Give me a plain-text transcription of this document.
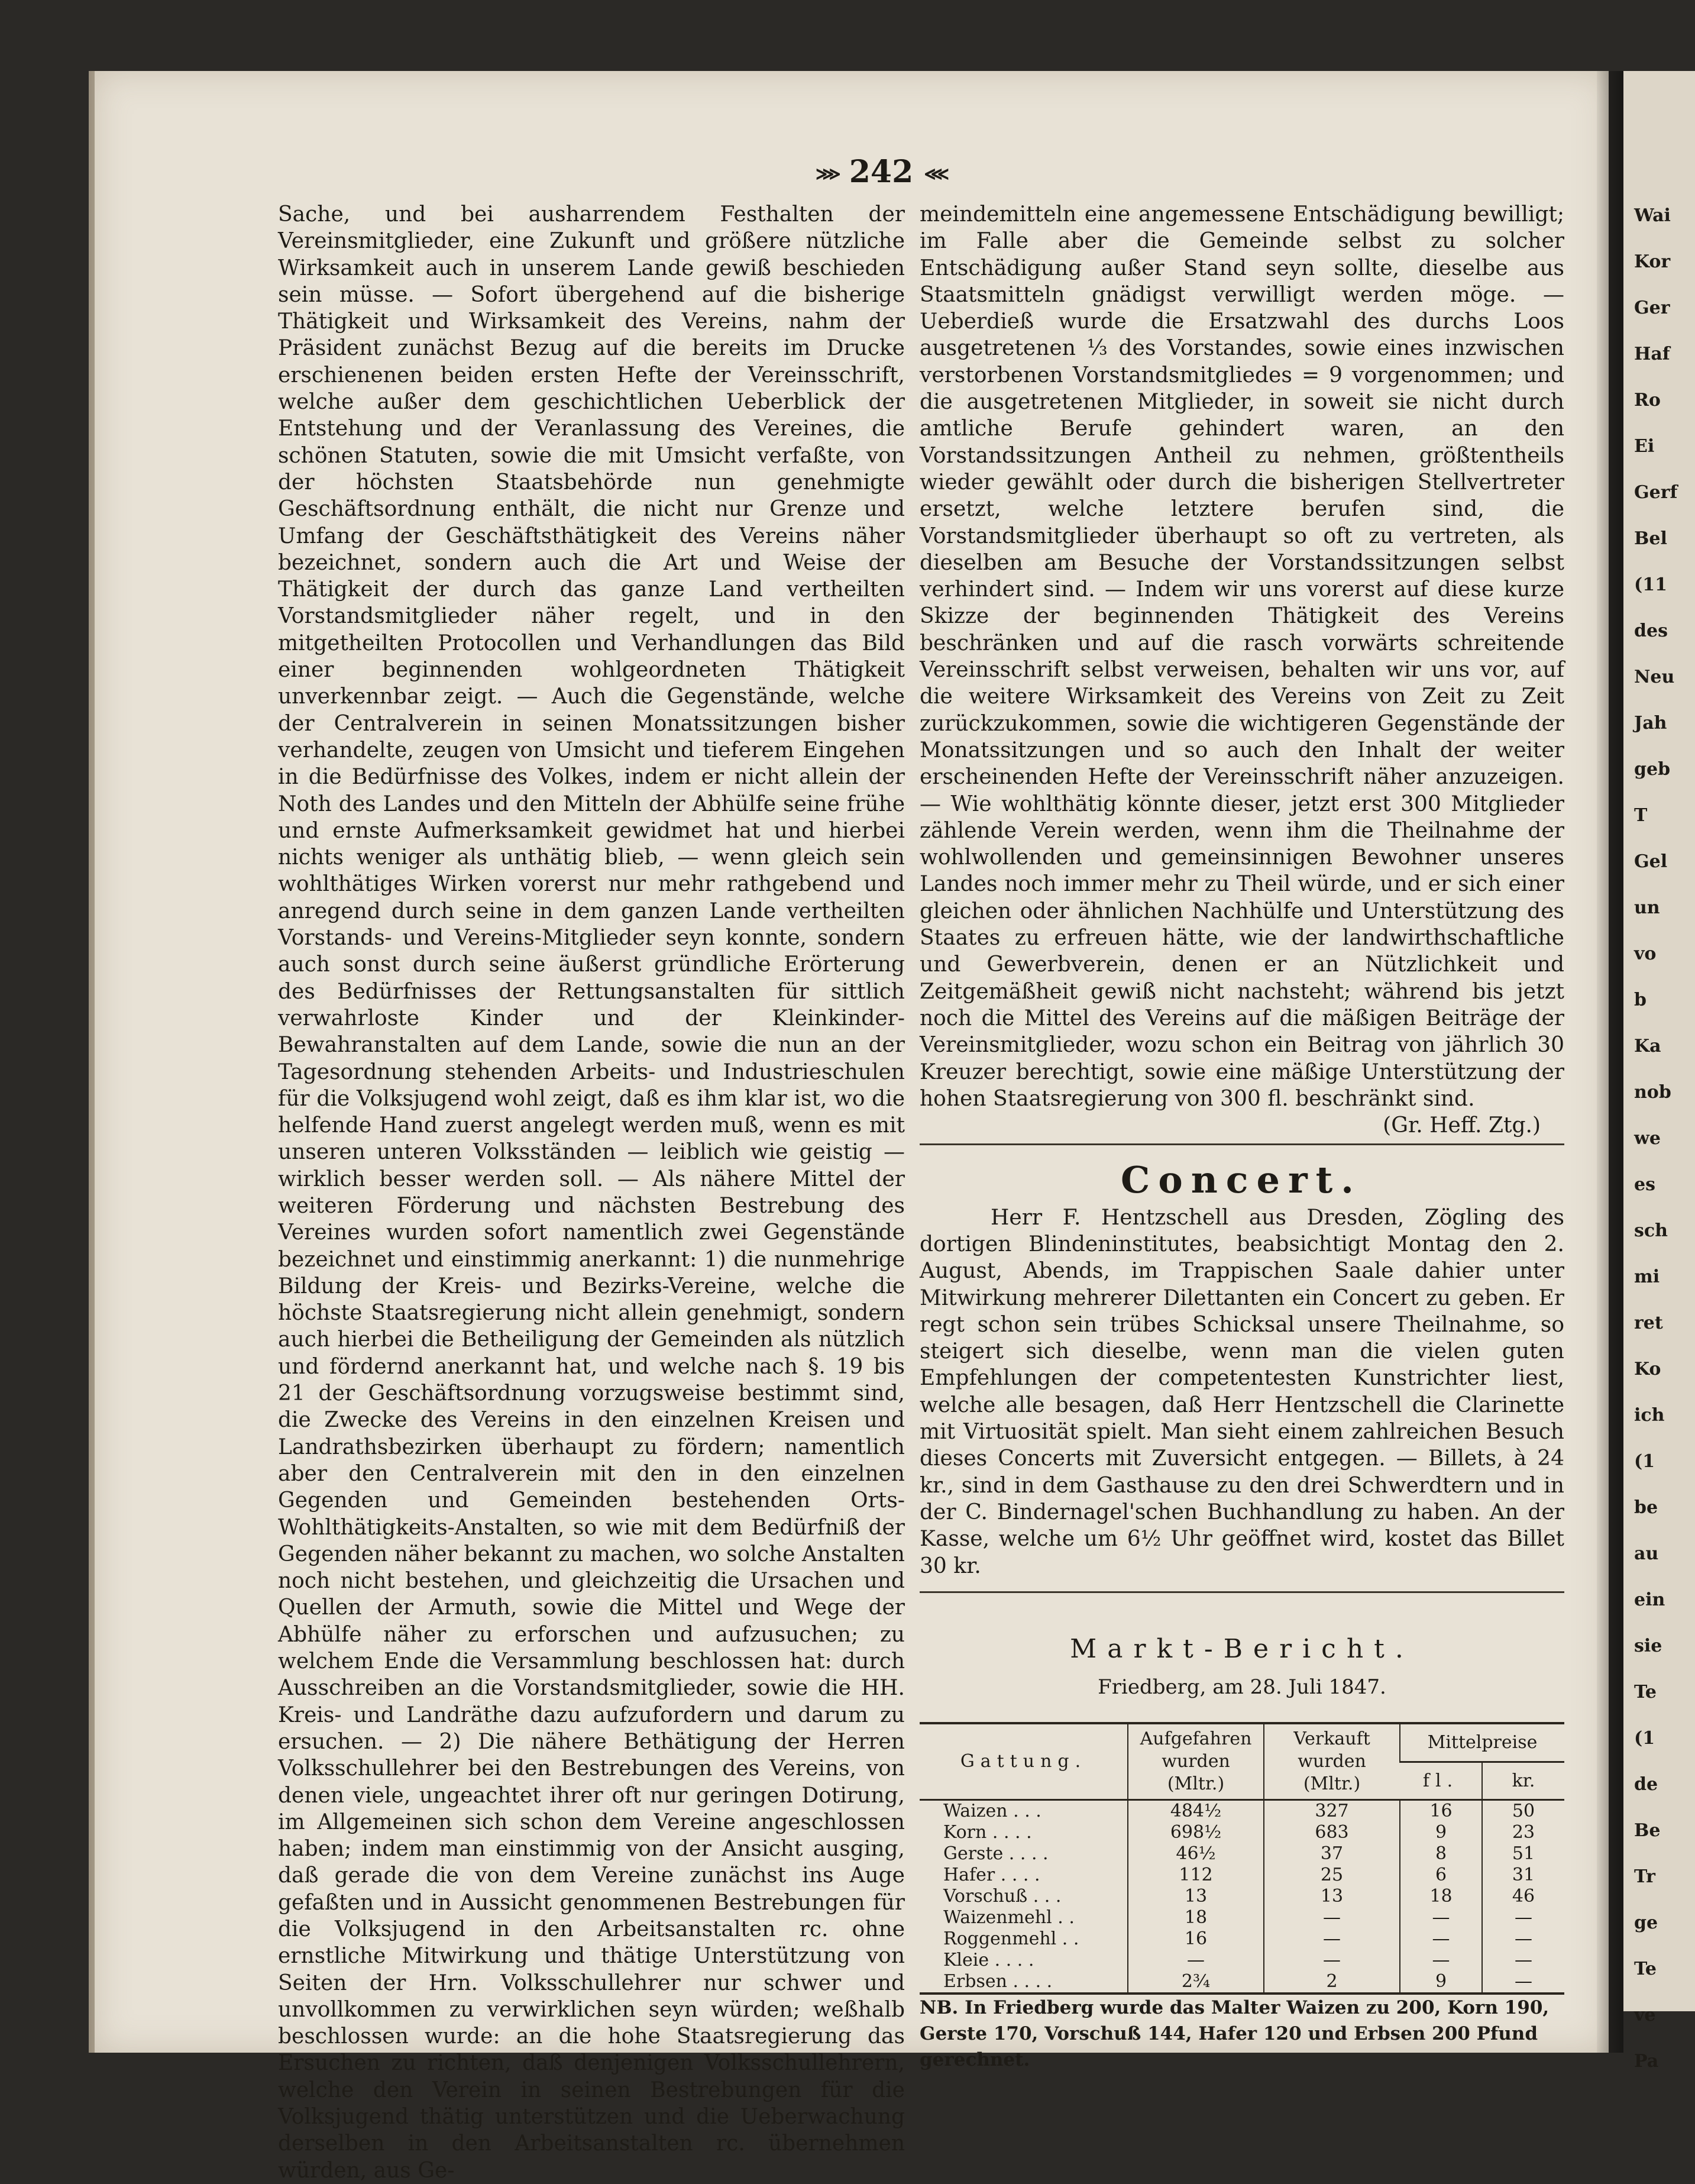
⋙ 242 ⋘

Sache, und bei ausharrendem Festhalten der Vereinsmitglieder, eine Zukunft und größere nützliche Wirksamkeit auch in unserem Lande gewiß beschieden sein müsse. — Sofort übergehend auf die bisherige Thätigkeit und Wirksamkeit des Vereins, nahm der Präsident zunächst Bezug auf die bereits im Drucke erschienenen beiden ersten Hefte der Vereinsschrift, welche außer dem geschichtlichen Ueberblick der Entstehung und der Veranlassung des Vereines, die schönen Statuten, sowie die mit Umsicht verfaßte, von der höchsten Staatsbehörde nun genehmigte Geschäftsordnung enthält, die nicht nur Grenze und Umfang der Geschäftsthätigkeit des Vereins näher bezeichnet, sondern auch die Art und Weise der Thätigkeit der durch das ganze Land vertheilten Vorstandsmitglieder näher regelt, und in den mitgetheilten Protocollen und Verhandlungen das Bild einer beginnenden wohlgeordneten Thätigkeit unverkennbar zeigt. — Auch die Gegenstände, welche der Centralverein in seinen Monatssitzungen bisher verhandelte, zeugen von Umsicht und tieferem Eingehen in die Bedürfnisse des Volkes, indem er nicht allein der Noth des Landes und den Mitteln der Abhülfe seine frühe und ernste Aufmerksamkeit gewidmet hat und hierbei nichts weniger als unthätig blieb, — wenn gleich sein wohlthätiges Wirken vorerst nur mehr rathgebend und anregend durch seine in dem ganzen Lande vertheilten Vorstands- und Vereins-Mitglieder seyn konnte, sondern auch sonst durch seine äußerst gründliche Erörterung des Bedürfnisses der Rettungsanstalten für sittlich verwahrloste Kinder und der Kleinkinder-Bewahranstalten auf dem Lande, sowie die nun an der Tagesordnung stehenden Arbeits- und Industrieschulen für die Volksjugend wohl zeigt, daß es ihm klar ist, wo die helfende Hand zuerst angelegt werden muß, wenn es mit unseren unteren Volksständen — leiblich wie geistig — wirklich besser werden soll. — Als nähere Mittel der weiteren Förderung und nächsten Bestrebung des Vereines wurden sofort namentlich zwei Gegenstände bezeichnet und einstimmig anerkannt: 1) die nunmehrige Bildung der Kreis- und Bezirks-Vereine, welche die höchste Staatsregierung nicht allein genehmigt, sondern auch hierbei die Betheiligung der Gemeinden als nützlich und fördernd anerkannt hat, und welche nach §. 19 bis 21 der Geschäftsordnung vorzugsweise bestimmt sind, die Zwecke des Vereins in den einzelnen Kreisen und Landrathsbezirken überhaupt zu fördern; namentlich aber den Centralverein mit den in den einzelnen Gegenden und Gemeinden bestehenden Orts-Wohlthätigkeits-Anstalten, so wie mit dem Bedürfniß der Gegenden näher bekannt zu machen, wo solche Anstalten noch nicht bestehen, und gleichzeitig die Ursachen und Quellen der Armuth, sowie die Mittel und Wege der Abhülfe näher zu erforschen und aufzusuchen; zu welchem Ende die Versammlung beschlossen hat: durch Ausschreiben an die Vorstandsmitglieder, sowie die HH. Kreis- und Landräthe dazu aufzufordern und darum zu ersuchen. — 2) Die nähere Bethätigung der Herren Volksschullehrer bei den Bestrebungen des Vereins, von denen viele, ungeachtet ihrer oft nur geringen Dotirung, im Allgemeinen sich schon dem Vereine angeschlossen haben; indem man einstimmig von der Ansicht ausging, daß gerade die von dem Vereine zunächst ins Auge gefaßten und in Aussicht genommenen Bestrebungen für die Volksjugend in den Arbeitsanstalten rc. ohne ernstliche Mitwirkung und thätige Unterstützung von Seiten der Hrn. Volksschullehrer nur schwer und unvollkommen zu verwirklichen seyn würden; weßhalb beschlossen wurde: an die hohe Staatsregierung das Ersuchen zu richten, daß denjenigen Volksschullehrern, welche den Verein in seinen Bestrebungen für die Volksjugend thätig unterstützen und die Ueberwachung derselben in den Arbeitsanstalten rc. übernehmen würden, aus Ge-

meindemitteln eine angemessene Entschädigung bewilligt; im Falle aber die Gemeinde selbst zu solcher Entschädigung außer Stand seyn sollte, dieselbe aus Staatsmitteln gnädigst verwilligt werden möge. — Ueberdieß wurde die Ersatzwahl des durchs Loos ausgetretenen ⅓ des Vorstandes, sowie eines inzwischen verstorbenen Vorstandsmitgliedes = 9 vorgenommen; und die ausgetretenen Mitglieder, in soweit sie nicht durch amtliche Berufe gehindert waren, an den Vorstandssitzungen Antheil zu nehmen, größtentheils wieder gewählt oder durch die bisherigen Stellvertreter ersetzt, welche letztere berufen sind, die Vorstandsmitglieder überhaupt so oft zu vertreten, als dieselben am Besuche der Vorstandssitzungen selbst verhindert sind. — Indem wir uns vorerst auf diese kurze Skizze der beginnenden Thätigkeit des Vereins beschränken und auf die rasch vorwärts schreitende Vereinsschrift selbst verweisen, behalten wir uns vor, auf die weitere Wirksamkeit des Vereins von Zeit zu Zeit zurückzukommen, sowie die wichtigeren Gegenstände der Monatssitzungen und so auch den Inhalt der weiter erscheinenden Hefte der Vereinsschrift näher anzuzeigen. — Wie wohlthätig könnte dieser, jetzt erst 300 Mitglieder zählende Verein werden, wenn ihm die Theilnahme der wohlwollenden und gemeinsinnigen Bewohner unseres Landes noch immer mehr zu Theil würde, und er sich einer gleichen oder ähnlichen Nachhülfe und Unterstützung des Staates zu erfreuen hätte, wie der landwirthschaftliche und Gewerbverein, denen er an Nützlichkeit und Zeitgemäßheit gewiß nicht nachsteht; während bis jetzt noch die Mittel des Vereins auf die mäßigen Beiträge der Vereinsmitglieder, wozu schon ein Beitrag von jährlich 30 Kreuzer berechtigt, sowie eine mäßige Unterstützung der hohen Staatsregierung von 300 fl. beschränkt sind.

(Gr. Heff. Ztg.)

Concert.

Herr F. Hentzschell aus Dresden, Zögling des dortigen Blindeninstitutes, beabsichtigt Montag den 2. August, Abends, im Trappischen Saale dahier unter Mitwirkung mehrerer Dilettanten ein Concert zu geben. Er regt schon sein trübes Schicksal unsere Theilnahme, so steigert sich dieselbe, wenn man die vielen guten Empfehlungen der competentesten Kunstrichter liest, welche alle besagen, daß Herr Hentzschell die Clarinette mit Virtuosität spielt. Man sieht einem zahlreichen Besuch dieses Concerts mit Zuversicht entgegen. — Billets, à 24 kr., sind in dem Gasthause zu den drei Schwerdtern und in der C. Bindernagel'schen Buchhandlung zu haben. An der Kasse, welche um 6½ Uhr geöffnet wird, kostet das Billet 30 kr.

Markt-Bericht.
Friedberg, am 28. Juli 1847.
Gattung.	Aufgefahren wurden (Mltr.)	Verkauft wurden (Mltr.)	Mittelpreise	
			fl.	kr.
Waizen . . .	484½	327	16	50
Korn . . . .	698½	683	9	23
Gerste . . . .	46½	37	8	51
Hafer . . . .	112	25	6	31
Vorschuß . . .	13	13	18	46
Waizenmehl . .	18	—	—	—
Roggenmehl . .	16	—	—	—
Kleie . . . .	—	—	—	—
Erbsen . . . .	2¾	2	9	—

NB. In Friedberg wurde das Malter Waizen zu 200, Korn 190, Gerste 170, Vorschuß 144, Hafer 120 und Erbsen 200 Pfund gerechnet.

Wai
Kor
Ger
Haf
Ro
Ei
Gerf
Bel
(11
des
Neu
Jah
geb
T
Gel
un
vo
b
Ka
nob
we
es
sch
mi
ret
Ko
ich
(1
be
au
ein
sie
Te
(1
de
Be
Tr
ge
Te
ve
Pa
